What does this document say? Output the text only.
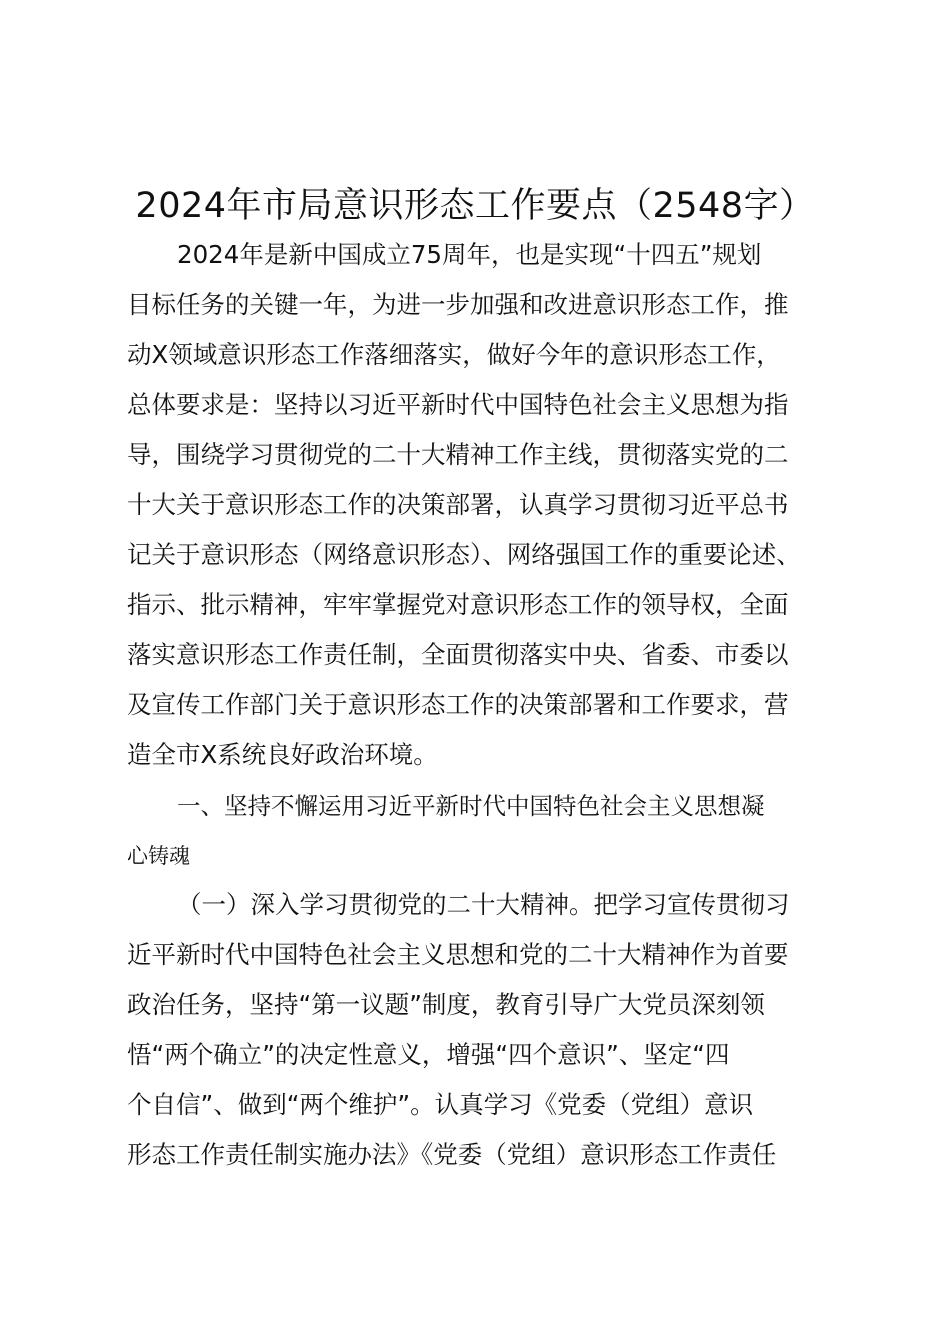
2024年市局意识形态工作要点（2548字）

2024年是新中国成立75周年，也是实现“十四五”规划
目标任务的关键一年，为进一步加强和改进意识形态工作，推
动X领域意识形态工作落细落实，做好今年的意识形态工作，
总体要求是：坚持以习近平新时代中国特色社会主义思想为指
导，围绕学习贯彻党的二十大精神工作主线，贯彻落实党的二
十大关于意识形态工作的决策部署，认真学习贯彻习近平总书
记关于意识形态（网络意识形态）、网络强国工作的重要论述、
指示、批示精神，牢牢掌握党对意识形态工作的领导权，全面
落实意识形态工作责任制，全面贯彻落实中央、省委、市委以
及宣传工作部门关于意识形态工作的决策部署和工作要求，营
造全市X系统良好政治环境。

一、坚持不懈运用习近平新时代中国特色社会主义思想凝
心铸魂

（一）深入学习贯彻党的二十大精神。把学习宣传贯彻习
近平新时代中国特色社会主义思想和党的二十大精神作为首要
政治任务，坚持“第一议题”制度，教育引导广大党员深刻领
悟“两个确立”的决定性意义，增强“四个意识”、坚定“四
个自信”、做到“两个维护”。认真学习《党委（党组）意识
形态工作责任制实施办法》《党委（党组）意识形态工作责任
